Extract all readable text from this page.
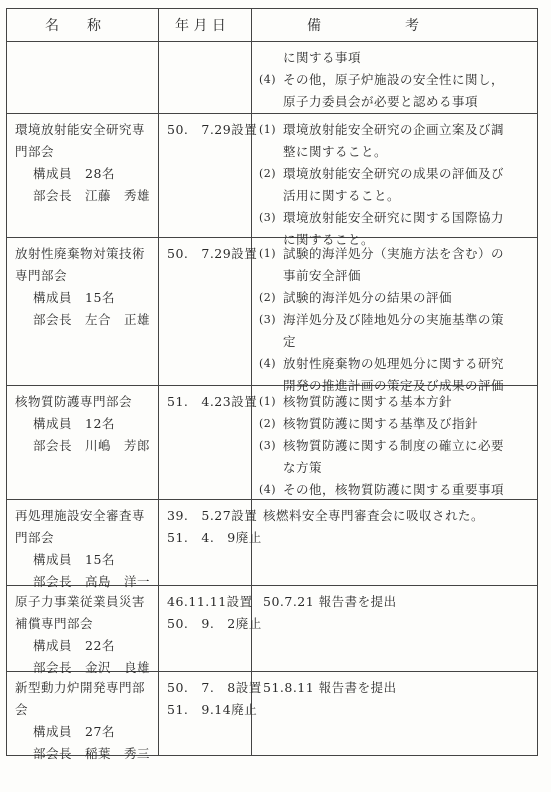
名　　称	年 月 日	備　　　　　　考
に関する事項
(4) その他，原子炉施設の安全性に関し，
原子力委員会が必要と認める事項
環境放射能安全研究専
門部会
構成員　28名
部会長　江藤　秀雄
50.　7.29設置 (1) 環境放射能安全研究の企画立案及び調
整に関すること。
(2) 環境放射能安全研究の成果の評価及び
活用に関すること。
(3) 環境放射能安全研究に関する国際協力
に関すること。
放射性廃棄物対策技術
専門部会
構成員　15名
部会長　左合　正雄
50.　7.29設置 (1) 試験的海洋処分（実施方法を含む）の
事前安全評価
(2) 試験的海洋処分の結果の評価
(3) 海洋処分及び陸地処分の実施基準の策
定
(4) 放射性廃棄物の処理処分に関する研究
開発の推進計画の策定及び成果の評価
核物質防護専門部会
構成員　12名
部会長　川嶋　芳郎
51.　4.23設置 (1) 核物質防護に関する基本方針
(2) 核物質防護に関する基準及び指針
(3) 核物質防護に関する制度の確立に必要
な方策
(4) その他，核物質防護に関する重要事項
再処理施設安全審査専
門部会
構成員　15名
部会長　高島　洋一
39.　5.27設置
51.　4.　9廃止
核燃料安全専門審査会に吸収された。
原子力事業従業員災害
補償専門部会
構成員　22名
部会長　金沢　良雄
46.11.11設置
50.　9.　2廃止
50.7.21 報告書を提出
新型動力炉開発専門部
会
構成員　27名
部会長　稲葉　秀三
50.　7.　8設置
51.　9.14廃止
51.8.11 報告書を提出
